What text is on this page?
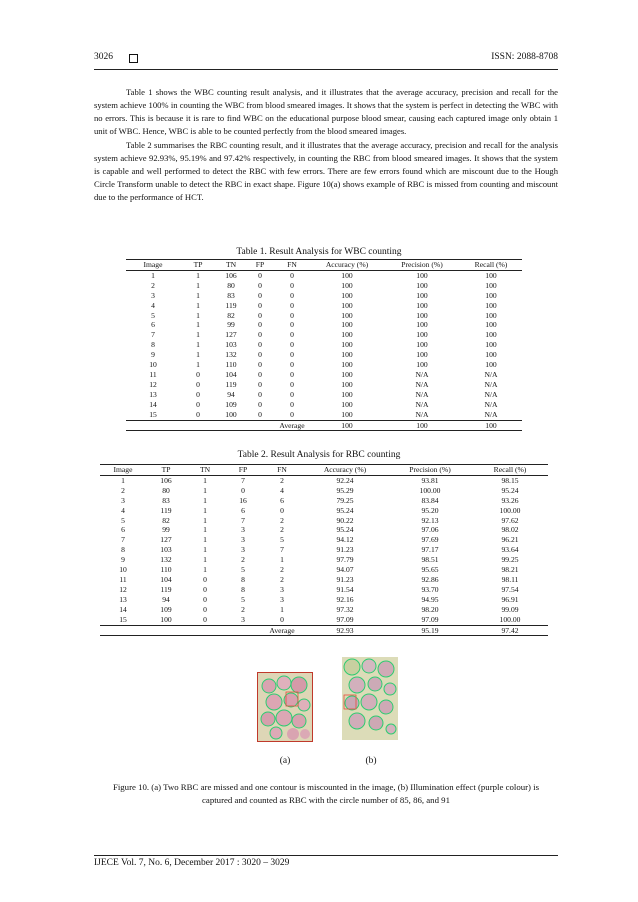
3026	ISSN: 2088-8708

Table 1 shows the WBC counting result analysis, and it illustrates that the average accuracy, precision and recall for the system achieve 100% in counting the WBC from blood smeared images. It shows that the system is perfect in detecting the WBC with no errors. This is because it is rare to find WBC on the educational purpose blood smear, causing each captured image only obtain 1 unit of WBC. Hence, WBC is able to be counted perfectly from the blood smeared images.

Table 2 summarises the RBC counting result, and it illustrates that the average accuracy, precision and recall for the analysis system achieve 92.93%, 95.19% and 97.42% respectively, in counting the RBC from blood smeared images. It shows that the system is capable and well performed to detect the RBC with few errors. There are few errors found which are miscount due to the Hough Circle Transform unable to detect the RBC in exact shape. Figure 10(a) shows example of RBC is missed from counting and miscount due to the performance of HCT.

Table 1. Result Analysis for WBC counting
Image	TP	TN	FP	FN	Accuracy (%)	Precision (%)	Recall (%)
1	1	106	0	0	100	100	100
2	1	80	0	0	100	100	100
3	1	83	0	0	100	100	100
4	1	119	0	0	100	100	100
5	1	82	0	0	100	100	100
6	1	99	0	0	100	100	100
7	1	127	0	0	100	100	100
8	1	103	0	0	100	100	100
9	1	132	0	0	100	100	100
10	1	110	0	0	100	100	100
11	0	104	0	0	100	N/A	N/A
12	0	119	0	0	100	N/A	N/A
13	0	94	0	0	100	N/A	N/A
14	0	109	0	0	100	N/A	N/A
15	0	100	0	0	100	N/A	N/A
				Average	100	100	100
Table 2. Result Analysis for RBC counting
Image	TP	TN	FP	FN	Accuracy (%)	Precision (%)	Recall (%)
1	106	1	7	2	92.24	93.81	98.15
2	80	1	0	4	95.29	100.00	95.24
3	83	1	16	6	79.25	83.84	93.26
4	119	1	6	0	95.24	95.20	100.00
5	82	1	7	2	90.22	92.13	97.62
6	99	1	3	2	95.24	97.06	98.02
7	127	1	3	5	94.12	97.69	96.21
8	103	1	3	7	91.23	97.17	93.64
9	132	1	2	1	97.79	98.51	99.25
10	110	1	5	2	94.07	95.65	98.21
11	104	0	8	2	91.23	92.86	98.11
12	119	0	8	3	91.54	93.70	97.54
13	94	0	5	3	92.16	94.95	96.91
14	109	0	2	1	97.32	98.20	99.09
15	100	0	3	0	97.09	97.09	100.00
				Average	92.93	95.19	97.42
(a)	(b)
Figure 10. (a) Two RBC are missed and one contour is miscounted in the image, (b) Illumination effect (purple colour) is captured and counted as RBC with the circle number of 85, 86, and 91
IJECE Vol. 7, No. 6, December 2017 : 3020 – 3029
